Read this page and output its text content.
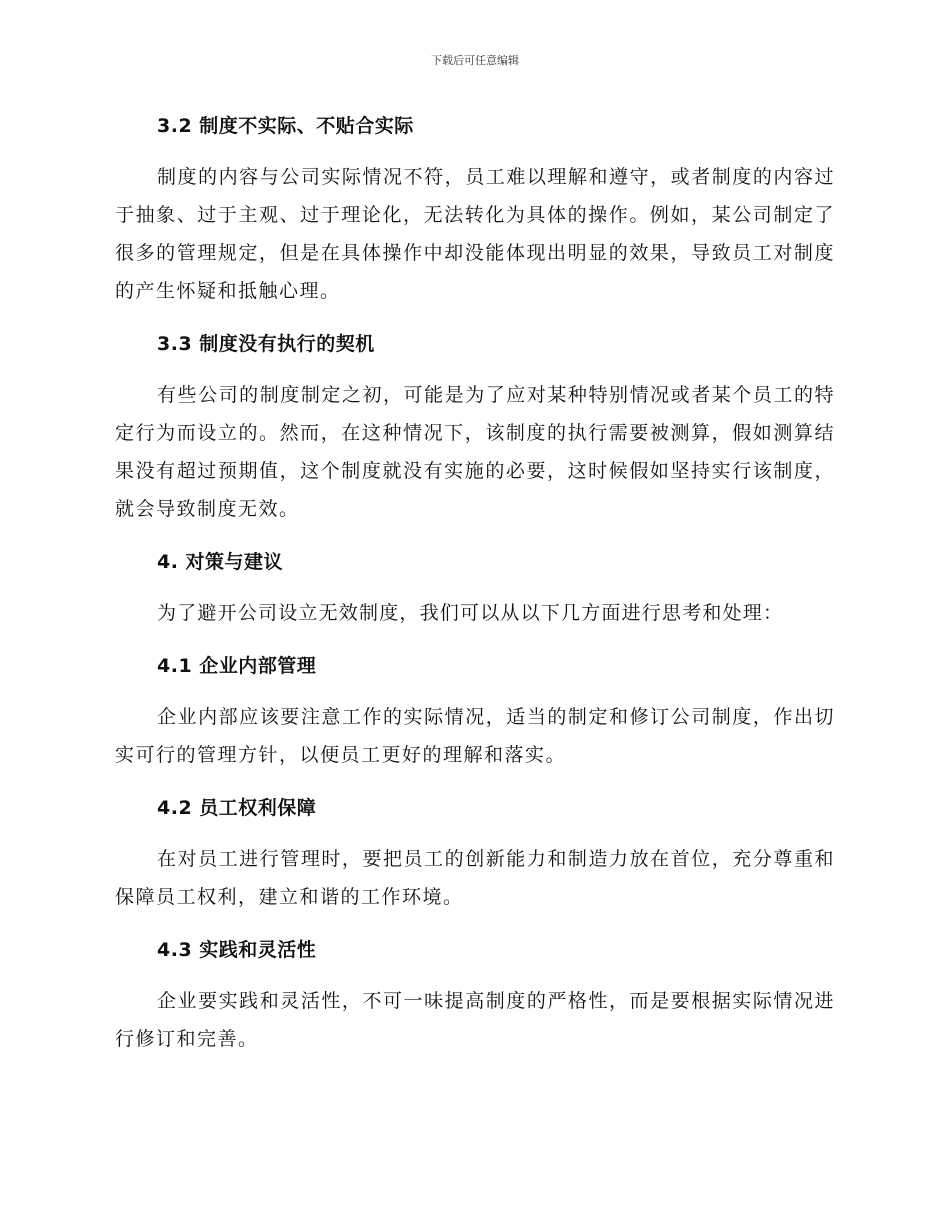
下载后可任意编辑
3.2 制度不实际、不贴合实际

制度的内容与公司实际情况不符，员工难以理解和遵守，或者制度的内容过于抽象、过于主观、过于理论化，无法转化为具体的操作。例如，某公司制定了很多的管理规定，但是在具体操作中却没能体现出明显的效果，导致员工对制度的产生怀疑和抵触心理。

3.3 制度没有执行的契机

有些公司的制度制定之初，可能是为了应对某种特别情况或者某个员工的特定行为而设立的。然而，在这种情况下，该制度的执行需要被测算，假如测算结果没有超过预期值，这个制度就没有实施的必要，这时候假如坚持实行该制度，就会导致制度无效。

4. 对策与建议

为了避开公司设立无效制度，我们可以从以下几方面进行思考和处理：

4.1 企业内部管理

企业内部应该要注意工作的实际情况，适当的制定和修订公司制度，作出切实可行的管理方针，以便员工更好的理解和落实。

4.2 员工权利保障

在对员工进行管理时，要把员工的创新能力和制造力放在首位，充分尊重和保障员工权利，建立和谐的工作环境。

4.3 实践和灵活性

企业要实践和灵活性，不可一味提高制度的严格性，而是要根据实际情况进行修订和完善。
